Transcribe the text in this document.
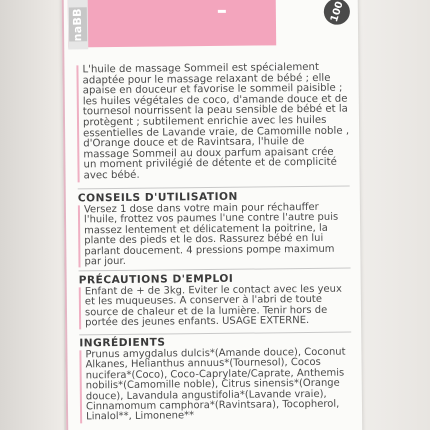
naBB	100

L'huile de massage Sommeil est spécialement adaptée pour le massage relaxant de bébé ; elle apaise en douceur et favorise le sommeil paisible ; les huiles végétales de coco, d'amande douce et de tournesol nourrissent la peau sensible de bébé et la protègent ; subtilement enrichie avec les huiles essentielles de Lavande vraie, de Camomille noble , d'Orange douce et de Ravintsara, l'huile de massage Sommeil au doux parfum apaisant crée un moment privilégié de détente et de complicité avec bébé.

CONSEILS D'UTILISATION

Versez 1 dose dans votre main pour réchauffer l'huile, frottez vos paumes l'une contre l'autre puis massez lentement et délicatement la poitrine, la plante des pieds et le dos. Rassurez bébé en lui parlant doucement. 4 pressions pompe maximum par jour.

PRÉCAUTIONS D'EMPLOI

Enfant de + de 3kg. Eviter le contact avec les yeux et les muqueuses. A conserver à l'abri de toute source de chaleur et de la lumière. Tenir hors de portée des jeunes enfants. USAGE EXTERNE.

INGRÉDIENTS

Prunus amygdalus dulcis*(Amande douce), Coconut Alkanes, Helianthus annuus*(Tournesol), Cocos nucifera*(Coco), Coco-Caprylate/Caprate, Anthemis nobilis*(Camomille noble), Citrus sinensis*(Orange douce), Lavandula angustifolia*(Lavande vraie), Cinnamomum camphora*(Ravintsara), Tocopherol, Linalol**, Limonene**
